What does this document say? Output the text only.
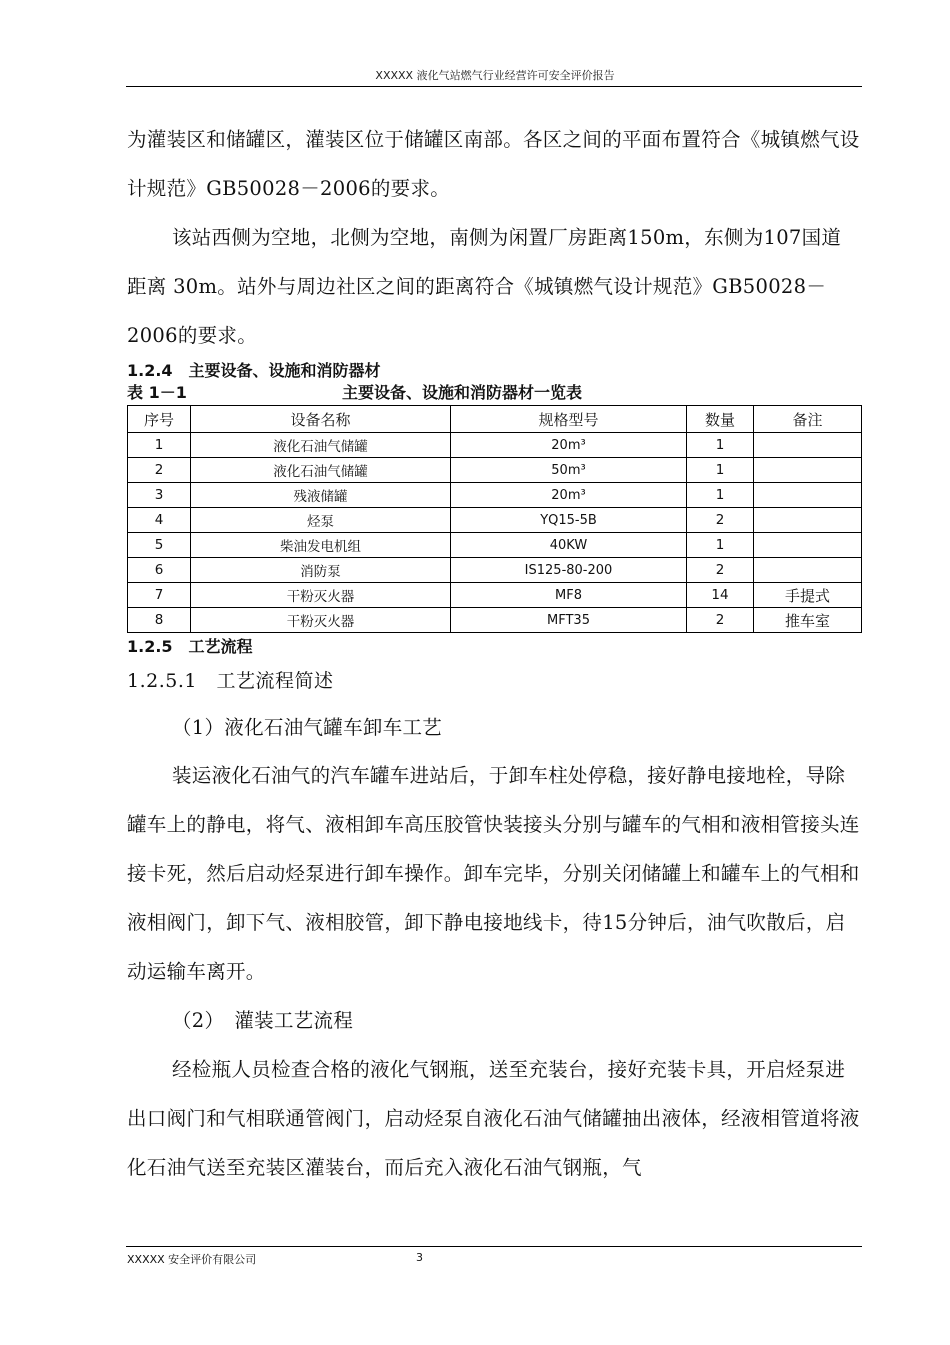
XXXXX 液化气站燃气行业经营许可安全评价报告

为灌装区和储罐区，灌装区位于储罐区南部。各区之间的平面布置符合《城镇燃气设计规范》GB50028－2006的要求。

该站西侧为空地，北侧为空地，南侧为闲置厂房距离150m，东侧为107国道距离 30m。站外与周边社区之间的距离符合《城镇燃气设计规范》GB50028－2006的要求。

1.2.4　主要设备、设施和消防器材

表 1－1	主要设备、设施和消防器材一览表
序号	设备名称	规格型号	数量	备注
1	液化石油气储罐	20m³	1	
2	液化石油气储罐	50m³	1	
3	残液储罐	20m³	1	
4	烃泵	YQ15-5B	2	
5	柴油发电机组	40KW	1	
6	消防泵	IS125-80-200	2	
7	干粉灭火器	MF8	14	手提式
8	干粉灭火器	MFT35	2	推车室

1.2.5　工艺流程

1.2.5.1　工艺流程简述

（1）液化石油气罐车卸车工艺

装运液化石油气的汽车罐车进站后，于卸车柱处停稳，接好静电接地栓，导除罐车上的静电，将气、液相卸车高压胶管快装接头分别与罐车的气相和液相管接头连接卡死，然后启动烃泵进行卸车操作。卸车完毕，分别关闭储罐上和罐车上的气相和液相阀门，卸下气、液相胶管，卸下静电接地线卡，待15分钟后，油气吹散后，启动运输车离开。

（2）　灌装工艺流程

经检瓶人员检查合格的液化气钢瓶，送至充装台，接好充装卡具，开启烃泵进出口阀门和气相联通管阀门，启动烃泵自液化石油气储罐抽出液体，经液相管道将液化石油气送至充装区灌装台，而后充入液化石油气钢瓶，气

XXXXX 安全评价有限公司	3
